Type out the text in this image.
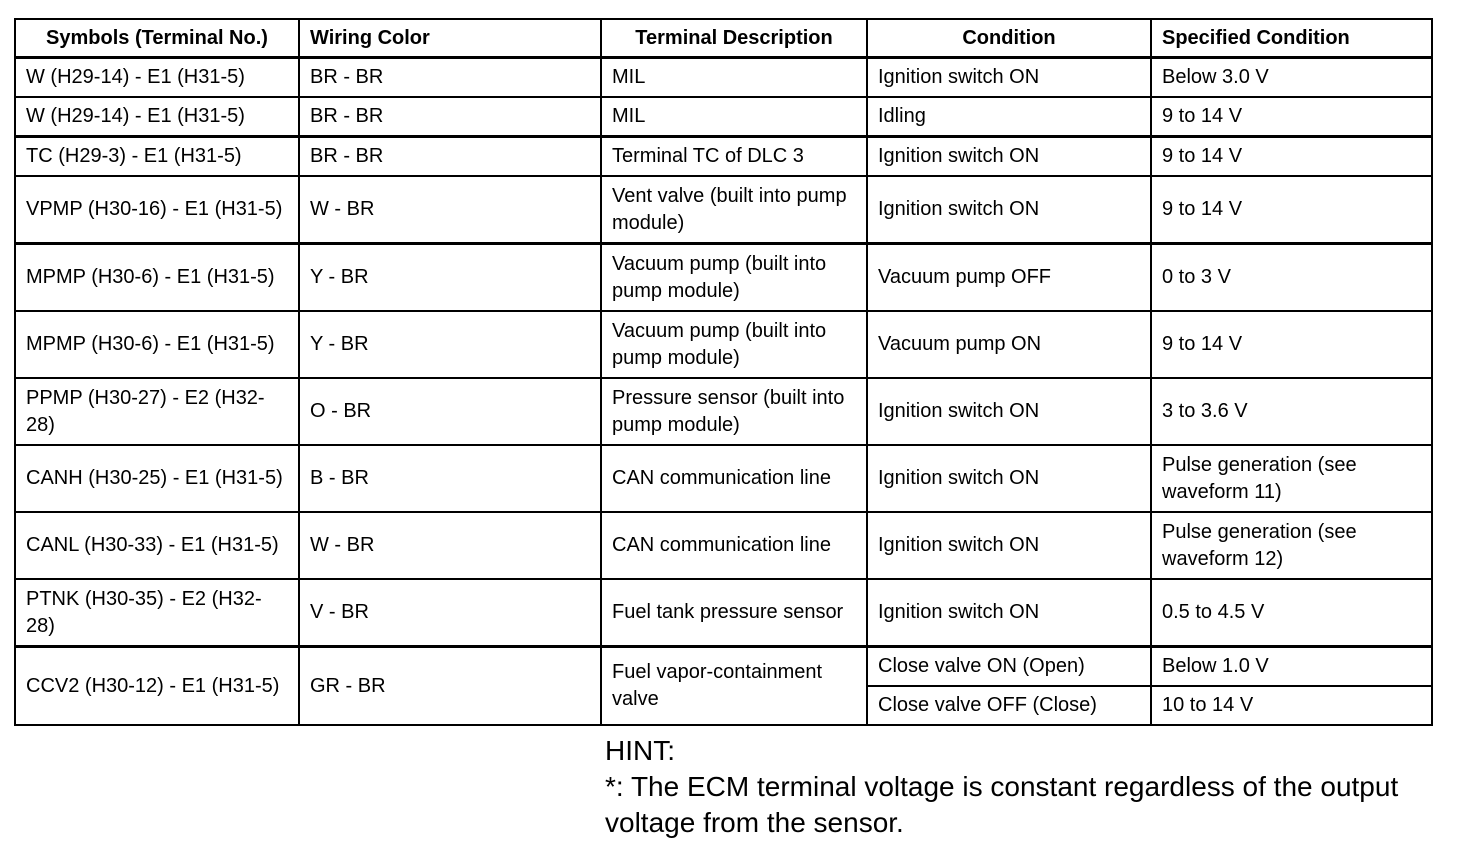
Symbols (Terminal No.)	Wiring Color	Terminal Description	Condition	Specified Condition
W (H29-14) - E1 (H31-5)	BR - BR	MIL	Ignition switch ON	Below 3.0 V
W (H29-14) - E1 (H31-5)	BR - BR	MIL	Idling	9 to 14 V
TC (H29-3) - E1 (H31-5)	BR - BR	Terminal TC of DLC 3	Ignition switch ON	9 to 14 V
VPMP (H30-16) - E1 (H31-5)	W - BR	Vent valve (built into pump module)	Ignition switch ON	9 to 14 V
MPMP (H30-6) - E1 (H31-5)	Y - BR	Vacuum pump (built into pump module)	Vacuum pump OFF	0 to 3 V
MPMP (H30-6) - E1 (H31-5)	Y - BR	Vacuum pump (built into pump module)	Vacuum pump ON	9 to 14 V
PPMP (H30-27) - E2 (H32-28)	O - BR	Pressure sensor (built into pump module)	Ignition switch ON	3 to 3.6 V
CANH (H30-25) - E1 (H31-5)	B - BR	CAN communication line	Ignition switch ON	Pulse generation (see waveform 11)
CANL (H30-33) - E1 (H31-5)	W - BR	CAN communication line	Ignition switch ON	Pulse generation (see waveform 12)
PTNK (H30-35) - E2 (H32-28)	V - BR	Fuel tank pressure sensor	Ignition switch ON	0.5 to 4.5 V
CCV2 (H30-12) - E1 (H31-5)	GR - BR	Fuel vapor-containment valve	Close valve ON (Open)	Below 1.0 V
			Close valve OFF (Close)	10 to 14 V
HINT:
*: The ECM terminal voltage is constant regardless of the output voltage from the sensor.
